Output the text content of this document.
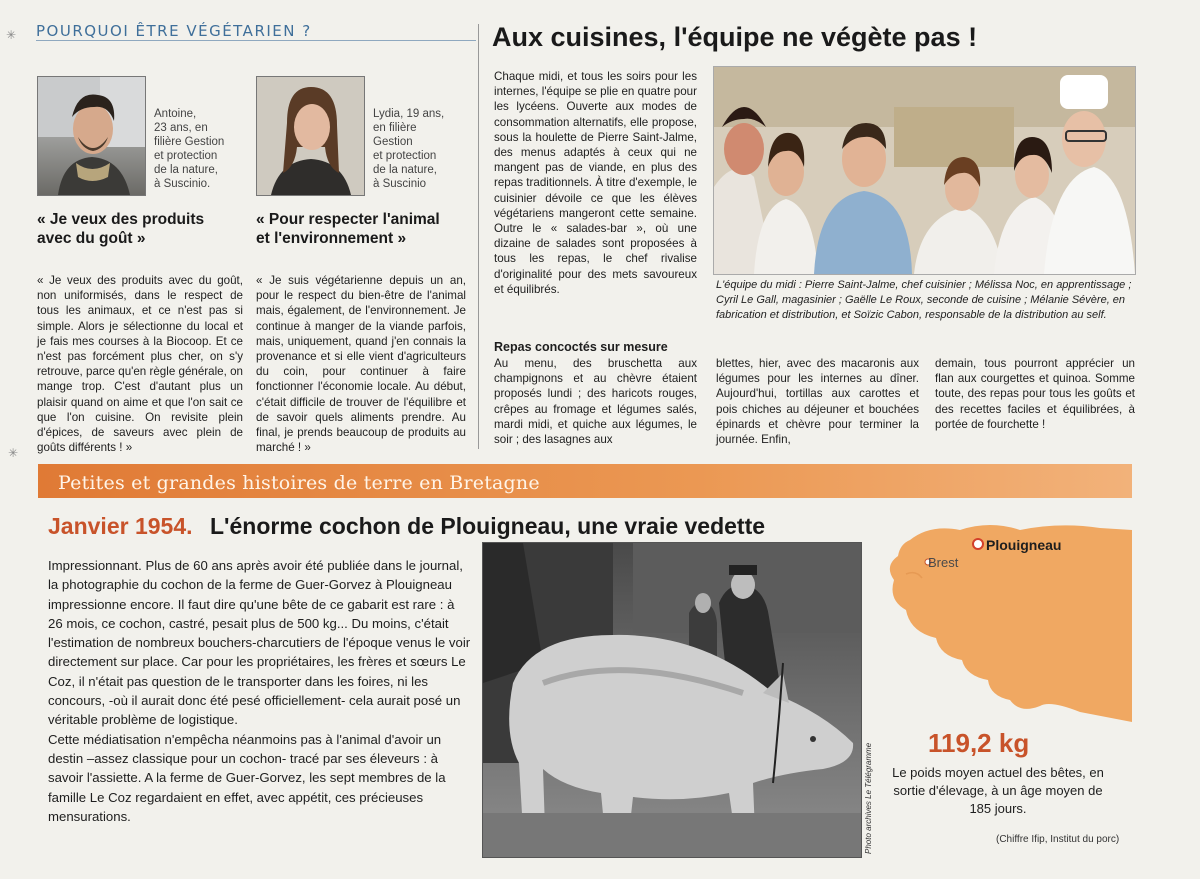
✳
✳
POURQUOI ÊTRE VÉGÉTARIEN ?
Antoine,
23 ans, en
filière Gestion
et protection
de la nature,
à Suscinio.
Lydia, 19 ans,
en filière
Gestion
et protection
de la nature,
à Suscinio
« Je veux des produits
avec du goût »
« Pour respecter l'animal
et l'environnement »
« Je veux des produits avec du goût, non uniformisés, dans le respect de tous les animaux, et ce n'est pas si simple. Alors je sélectionne du local et je fais mes courses à la Biocoop. Et ce n'est pas forcément plus cher, on s'y retrouve, parce qu'en règle générale, on mange trop. C'est d'autant plus un plaisir quand on aime et que l'on sait ce que l'on cuisine. On revisite plein d'épices, de saveurs avec plein de goûts différents ! »
« Je suis végétarienne depuis un an, pour le respect du bien-être de l'animal mais, également, de l'environnement. Je continue à manger de la viande parfois, mais, uniquement, quand j'en connais la provenance et si elle vient d'agriculteurs du coin, pour continuer à faire fonctionner l'économie locale. Au début, c'était difficile de trouver de l'équilibre et de savoir quels aliments prendre. Au final, je prends beaucoup de produits au marché ! »
Aux cuisines, l'équipe ne végète pas !
Chaque midi, et tous les soirs pour les internes, l'équipe se plie en quatre pour les lycéens. Ouverte aux modes de consommation alternatifs, elle propose, sous la houlette de Pierre Saint-Jalme, des menus adaptés à ceux qui ne mangent pas de viande, en plus des repas traditionnels. À titre d'exemple, le cuisinier dévoile ce que les élèves végétariens mangeront cette semaine. Outre le « salades-bar », où une dizaine de salades sont proposées à tous les repas, le chef rivalise d'originalité pour des mets savoureux et équilibrés.	L'équipe du midi : Pierre Saint-Jalme, chef cuisinier ; Mélissa Noc, en apprentissage ; Cyril Le Gall, magasinier ; Gaëlle Le Roux, seconde de cuisine ; Mélanie Sévère, en fabrication et distribution, et Soïzic Cabon, responsable de la distribution au self.
Repas concoctés sur mesure
Au menu, des bruschetta aux champignons et au chèvre étaient proposés lundi ; des haricots rouges, crêpes au fromage et légumes salés, mardi midi, et quiche aux légumes, le soir ; des lasagnes aux
blettes, hier, avec des macaronis aux légumes pour les internes au dîner. Aujourd'hui, tortillas aux carottes et pois chiches au déjeuner et bouchées épinards et chèvre pour terminer la journée. Enfin,
demain, tous pourront apprécier un flan aux courgettes et quinoa. Somme toute, des repas pour tous les goûts et des recettes faciles et équilibrées, à portée de fourchette !
Petites et grandes histoires de terre en Bretagne
Janvier 1954. L'énorme cochon de Plouigneau, une vraie vedette
Impressionnant. Plus de 60 ans après avoir été publiée dans le journal, la photographie du cochon de la ferme de Guer-Gorvez à Plouigneau impressionne encore. Il faut dire qu'une bête de ce gabarit est rare : à 26 mois, ce cochon, castré, pesait plus de 500 kg... Du moins, c'était l'estimation de nombreux bouchers-charcutiers de l'époque venus le voir directement sur place. Car pour les propriétaires, les frères et sœurs Le Coz, il n'était pas question de le transporter dans les foires, ni les concours, -où il aurait donc été pesé officiellement- cela aurait posé un véritable problème de logistique.
Cette médiatisation n'empêcha néanmoins pas à l'animal d'avoir un destin –assez classique pour un cochon- tracé par ses éleveurs : à savoir l'assiette. A la ferme de Guer-Gorvez, les sept membres de la famille Le Coz regardaient en effet, avec appétit, ces précieuses mensurations.	Photo archives Le Télégramme
Plouigneau
Brest
119,2 kg
Le poids moyen actuel des bêtes, en sortie d'élevage, à un âge moyen de 185 jours.
(Chiffre Ifip, Institut du porc)
